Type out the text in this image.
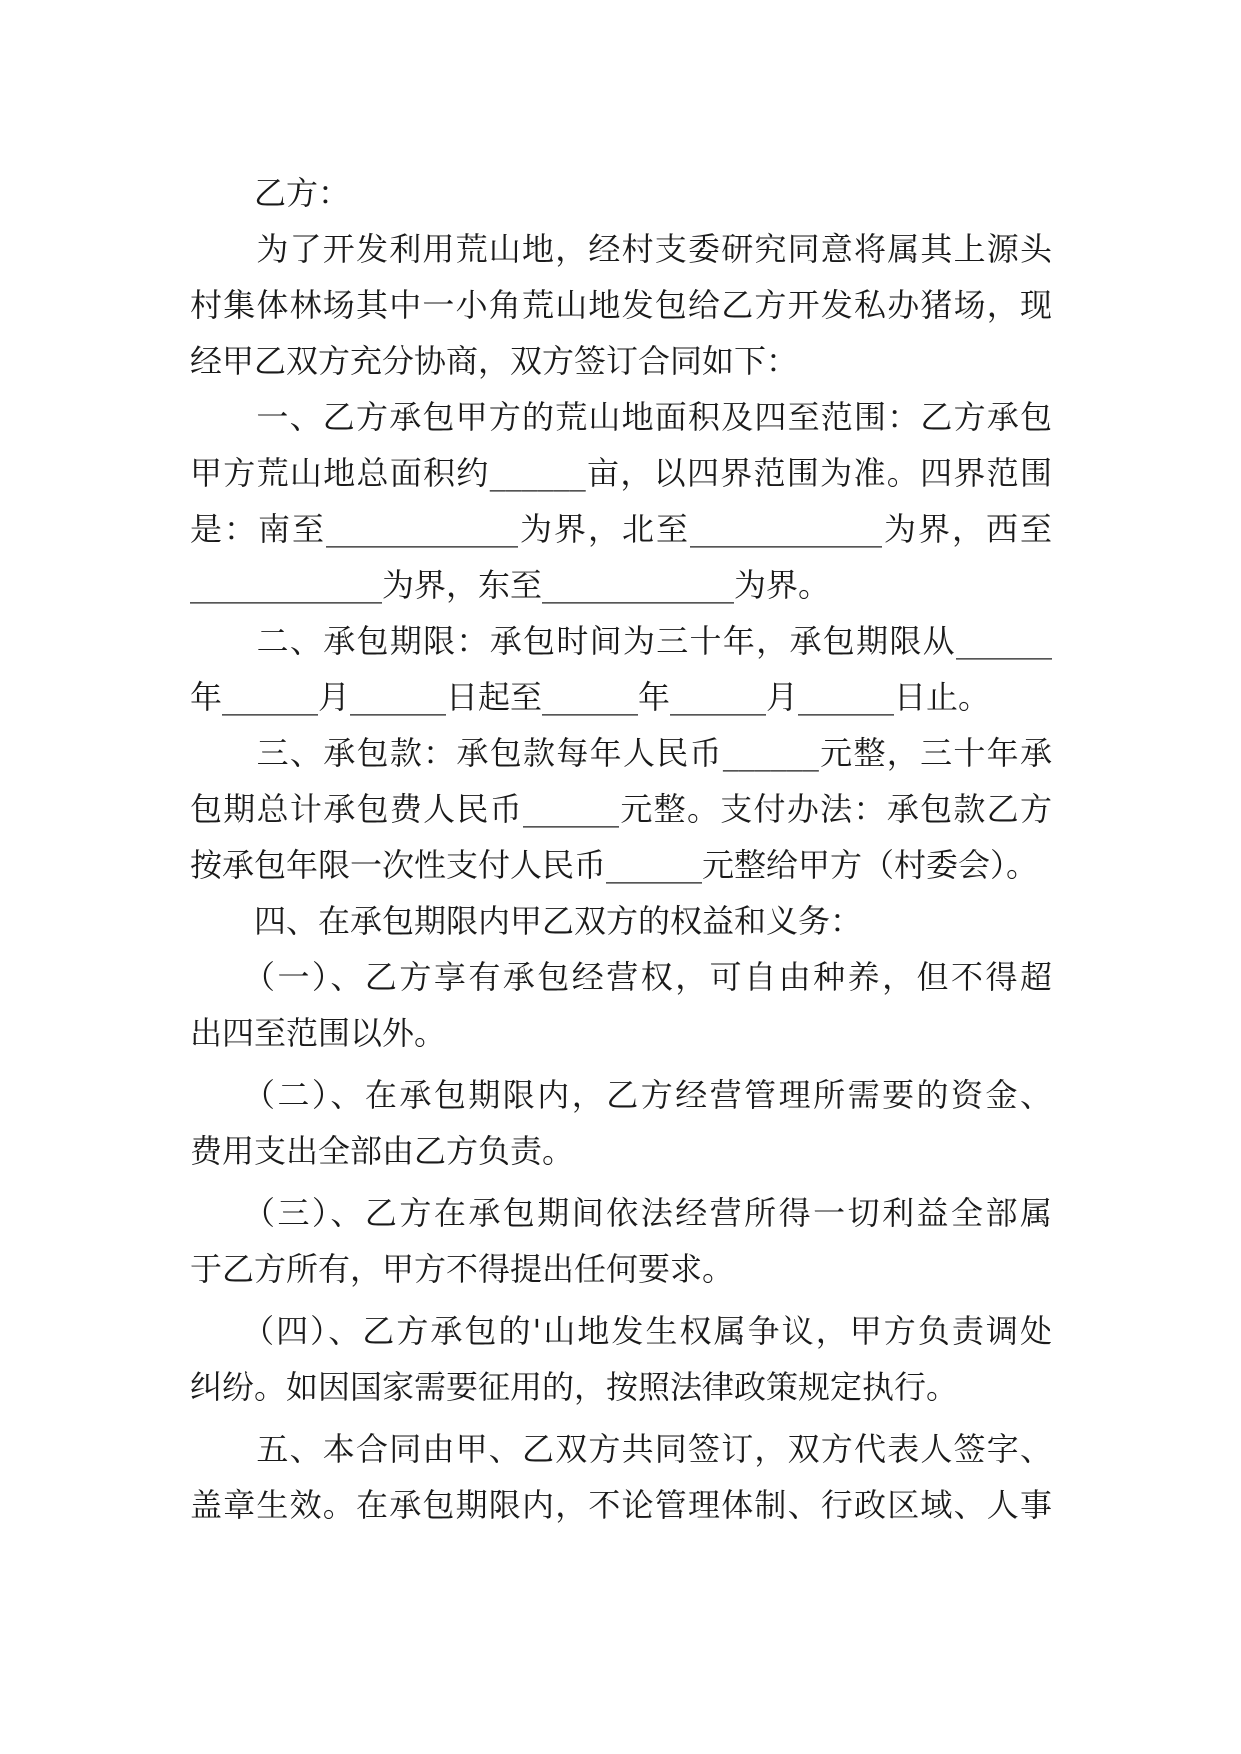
　　乙方：
　　为了开发利用荒山地，经村支委研究同意将属其上源头
村集体林场其中一小角荒山地发包给乙方开发私办猪场，现
经甲乙双方充分协商，双方签订合同如下：
　　一、乙方承包甲方的荒山地面积及四至范围：乙方承包
甲方荒山地总面积约______亩，以四界范围为准。四界范围
是：南至____________为界，北至____________为界，西至
____________为界，东至____________为界。
　　二、承包期限：承包时间为三十年，承包期限从______
年______月______日起至______年______月______日止。
　　三、承包款：承包款每年人民币______元整，三十年承
包期总计承包费人民币______元整。支付办法：承包款乙方
按承包年限一次性支付人民币______元整给甲方（村委会）。
　　四、在承包期限内甲乙双方的权益和义务：
　　（一）、乙方享有承包经营权，可自由种养，但不得超
出四至范围以外。
　　（二）、在承包期限内，乙方经营管理所需要的资金、
费用支出全部由乙方负责。
　　（三）、乙方在承包期间依法经营所得一切利益全部属
于乙方所有，甲方不得提出任何要求。
　　（四）、乙方承包的'山地发生权属争议，甲方负责调处
纠纷。如因国家需要征用的，按照法律政策规定执行。
　　五、本合同由甲、乙双方共同签订，双方代表人签字、
盖章生效。在承包期限内，不论管理体制、行政区域、人事
